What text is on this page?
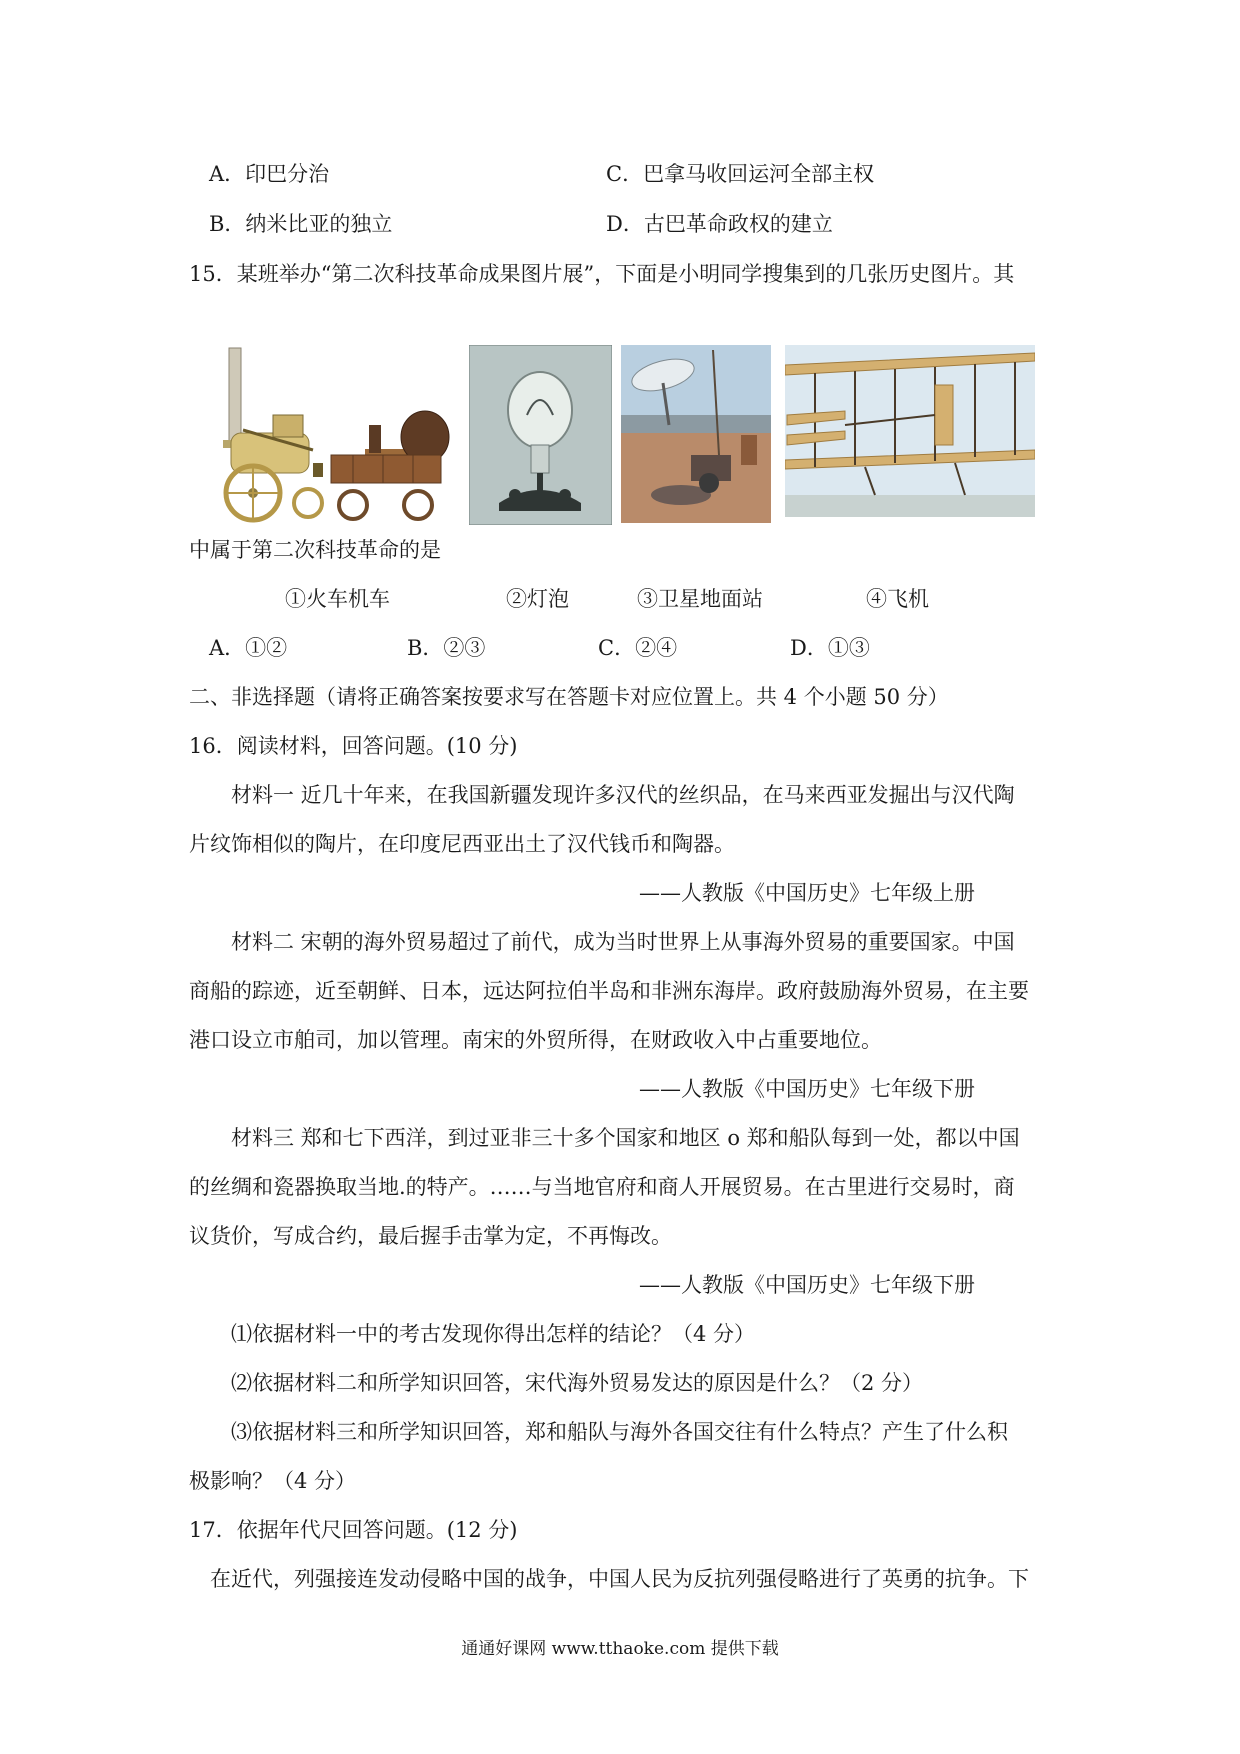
A．印巴分治	C．巴拿马收回运河全部主权
B．纳米比亚的独立	D．古巴革命政权的建立
15．某班举办“第二次科技革命成果图片展”，下面是小明同学搜集到的几张历史图片。其
中属于第二次科技革命的是
①火车机车	②灯泡	③卫星地面站	④飞机
A．①②	B．②③	C．②④	D．①③
二、非选择题（请将正确答案按要求写在答题卡对应位置上。共 4 个小题 50 分）
16．阅读材料，回答问题。(10 分)
材料一 近几十年来，在我国新疆发现许多汉代的丝织品，在马来西亚发掘出与汉代陶
片纹饰相似的陶片，在印度尼西亚出土了汉代钱币和陶器。
——人教版《中国历史》七年级上册
材料二 宋朝的海外贸易超过了前代，成为当时世界上从事海外贸易的重要国家。中国
商船的踪迹，近至朝鲜、日本，远达阿拉伯半岛和非洲东海岸。政府鼓励海外贸易，在主要
港口设立市舶司，加以管理。南宋的外贸所得，在财政收入中占重要地位。
——人教版《中国历史》七年级下册
材料三 郑和七下西洋，到过亚非三十多个国家和地区 o 郑和船队每到一处，都以中国
的丝绸和瓷器换取当地.的特产。……与当地官府和商人开展贸易。在古里进行交易时，商
议货价，写成合约，最后握手击掌为定，不再悔改。
——人教版《中国历史》七年级下册
⑴依据材料一中的考古发现你得出怎样的结论？（4 分）
⑵依据材料二和所学知识回答，宋代海外贸易发达的原因是什么？（2 分）
⑶依据材料三和所学知识回答，郑和船队与海外各国交往有什么特点？产生了什么积
极影响？（4 分）
17．依据年代尺回答问题。(12 分)
在近代，列强接连发动侵略中国的战争，中国人民为反抗列强侵略进行了英勇的抗争。下
通通好课网 www.tthaoke.com 提供下载
